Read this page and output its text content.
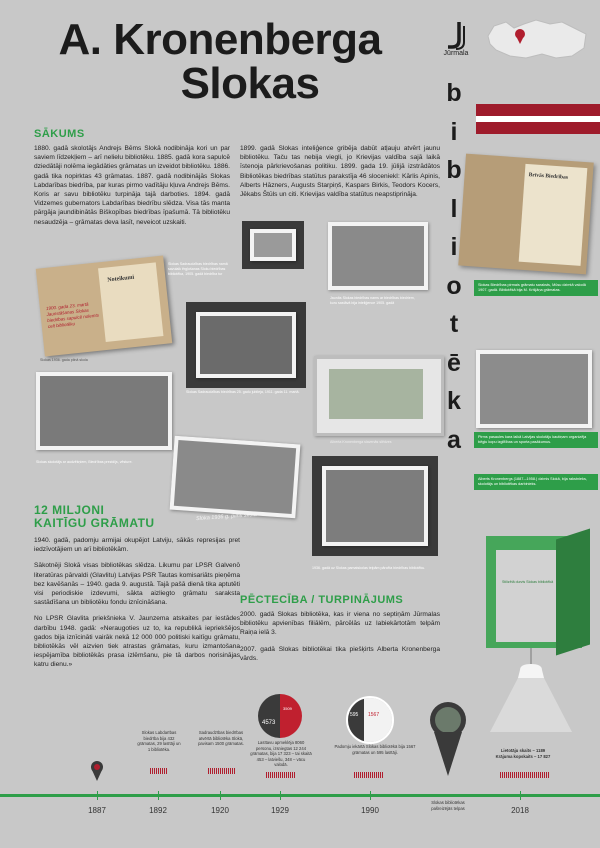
A. Kronenberga
Slokas
Jūrmala
b
i
b
l
i
o
t
ē
k
a
SĀKUMS
1880. gadā skolotājs Andrejs Bēms Slokā nodibināja kori un par saviem līdzekļiem – arī nelielu bibliotēku. 1885. gadā kora sapulcē dziedātāji nolēma iegādāties grāmatas un izveidot bibliotēku. 1886. gadā tika nopirktas 43 grāmatas. 1887. gadā nodibinājās Slokas Labdarības biedrība, par kuras pirmo vadītāju kļuva Andrejs Bēms. Koris ar savu bibliotēku turpināja tajā darboties. 1894. gadā Vidzemes gubernators Labdarības biedrību slēdza. Visa tās manta pārgāja jaundibinātās Biškopības biedrības īpašumā. Tā bibliotēku nesaudzēja – grāmatas deva lasīt, neveicot uzskaiti.
1899. gadā Slokas inteliģence gribēja dabūt atļauju atvērt jaunu bibliotēku. Taču tas nebija viegli, jo Krievijas valdība sajā laikā īstenoja pārkrievošanas politiku. 1899. gada 19. jūlijā izstrādātos Bibliotēkas biedrības statūtus parakstīja 46 sloceniekI: Kārlis Apinis, Alberts Hāzners, Augusts Starpiņš, Kaspars Birkis, Teodors Kocers, Jēkabs Štūls un citi. Krievijas valdība statūtus neapstiprināja.
Noteikumi
1900. gada 23. martā Jaunstāšanas Slokas biedrības sapulcē nolemts celt bibliotēku
Slokas Sadraudzības biedrības namā savulaik ērgļošanas Sloku biedrības bibliotēka, 1905. gadā biedrība tur
Jaunās Slokas biedrības nams ar biedrības biedriem, kuru sastāvā bija inteliģence 1905. gadā
Slokas Sadraudzības biedrības 25. gadu jubileja, 1911. gada 11. martā.
Slokas skolotājs ar audzēkņiem, Biedrības prezidijs, vēsture.
Sloka 1936 g. pilns skola
Alberta Kronenberga slavenās slēdzes
1936. gadā uz Slokas pamatskolas telpām pārcēla biedrības bibliotēku.
Brīvās Biedrības
Slokas Biedrības pirmais grāmatu saraksts, Mūsu dzimtā valodā 1907. gadā. Bibliotēkā bija M. Krišjāņa grāmatas.
Pirms pasaules kara laikā Latvijas skolotāju kautiņam organizēja bēgļu kopu izglītības un sporta pasākumus.
Alberts Kronenbergs (1887.–1958.) dzimis Slokā, bija rakstnieks, skolotājs un bibliotēkas darbinieks.
Stilizētā durvis Slokas bibliotēkā
12 MILJONI
KAITĪGU GRĀMATU

1940. gadā, padomju armijai okupējot Latviju, sākās represijas pret iedzīvotājiem un arī bibliotēkām.

Sākotnēji Slokā visas bibliotēkas slēdza. Likumu par LPSR Galvenō literatūras pārvaldi (Glavlitu) Latvijas PSR Tautas komisariāts pieņēma bez kavēšanās – 1940. gada 9. augustā. Tajā pašā dienā tika aptutēti visi periodiskie izdevumi, sākta aizliegto grāmatu saraksta sastādīšana un bibliotēku fondu iznīcināšana.

No LPSR Glavlita priekšnieka V. Jaunzema atskaites par iestādes darbību 1948. gadā: «Neraugoties uz to, ka republikā iepriekšējos gados bija iznīcināti vairāk nekā 12 000 000 politiski kaitīgu grāmatu, bibliotēkās vēl aizvien tiek atrastas grāmatas, kuru izmantošana iespējamība bibliotēkās prasa izlēmšanu, pie tā darbos norisinājas katru dienu.»

PĒCTECĪBA / TURPINĀJUMS

2000. gadā Slokas bibliotēka, kas ir viena no septiņām Jūrmalas bibliotēku apvienības filiālēm, pārcēlās uz labiekārtotām telpām Raiņa ielā 3.

2007. gadā Slokas bibliotēkai tika piešķirts Alberta Kronenberga vārds.

4573
3509
595 1567
Slokas Labdarības biedrība bija 432 grāmatas, 29 lasītāji un 1 bibliotēka.
Sadraudzības biedrības atvērtā bibliotēka Slokā, pavisam 1500 grāmatas.	Lasītavu apmeklēja 8060 personu, izsniegtas 12 244 grāmatas, bija 17 323 – tai skaitā 453 – latviešu, 348 – vācu valodā.
Padomju iekārtā Slokas bibliotēkā bija 1567 grāmatas un 595 lasītāji.
Slokas bibliotēkas pašreizējās telpas
Lietotāju skaits – 1189
Krājuma kopskaits – 17 827
1887	1892	1920	1929	1990	2018
Slokas 1936. gada pilnā skola
